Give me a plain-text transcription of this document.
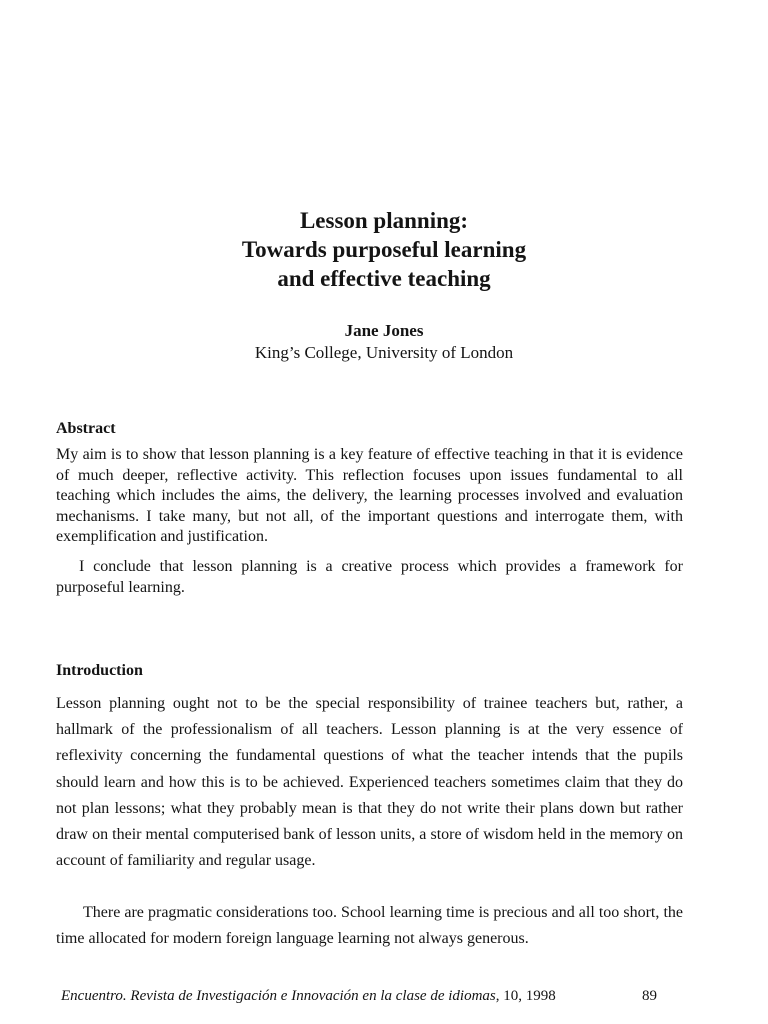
Lesson planning:
Towards purposeful learning
and effective teaching
Jane Jones
King’s College, University of London
Abstract

My aim is to show that lesson planning is a key feature of effective teaching in that it is evidence of much deeper, reflective activity. This reflection focuses upon issues fundamental to all teaching which includes the aims, the delivery, the learning processes involved and evaluation mechanisms. I take many, but not all, of the important questions and interrogate them, with exemplification and justification.

I conclude that lesson planning is a creative process which provides a framework for purposeful learning.

Introduction

Lesson planning ought not to be the special responsibility of trainee teachers but, rather, a hallmark of the professionalism of all teachers. Lesson planning is at the very essence of reflexivity concerning the fundamental questions of what the teacher intends that the pupils should learn and how this is to be achieved. Experienced teachers sometimes claim that they do not plan lessons; what they probably mean is that they do not write their plans down but rather draw on their mental computerised bank of lesson units, a store of wisdom held in the memory on account of familiarity and regular usage.

There are pragmatic considerations too. School learning time is precious and all too short, the time allocated for modern foreign language learning not always generous.

Encuentro. Revista de Investigación e Innovación en la clase de idiomas, 10, 1998	89
